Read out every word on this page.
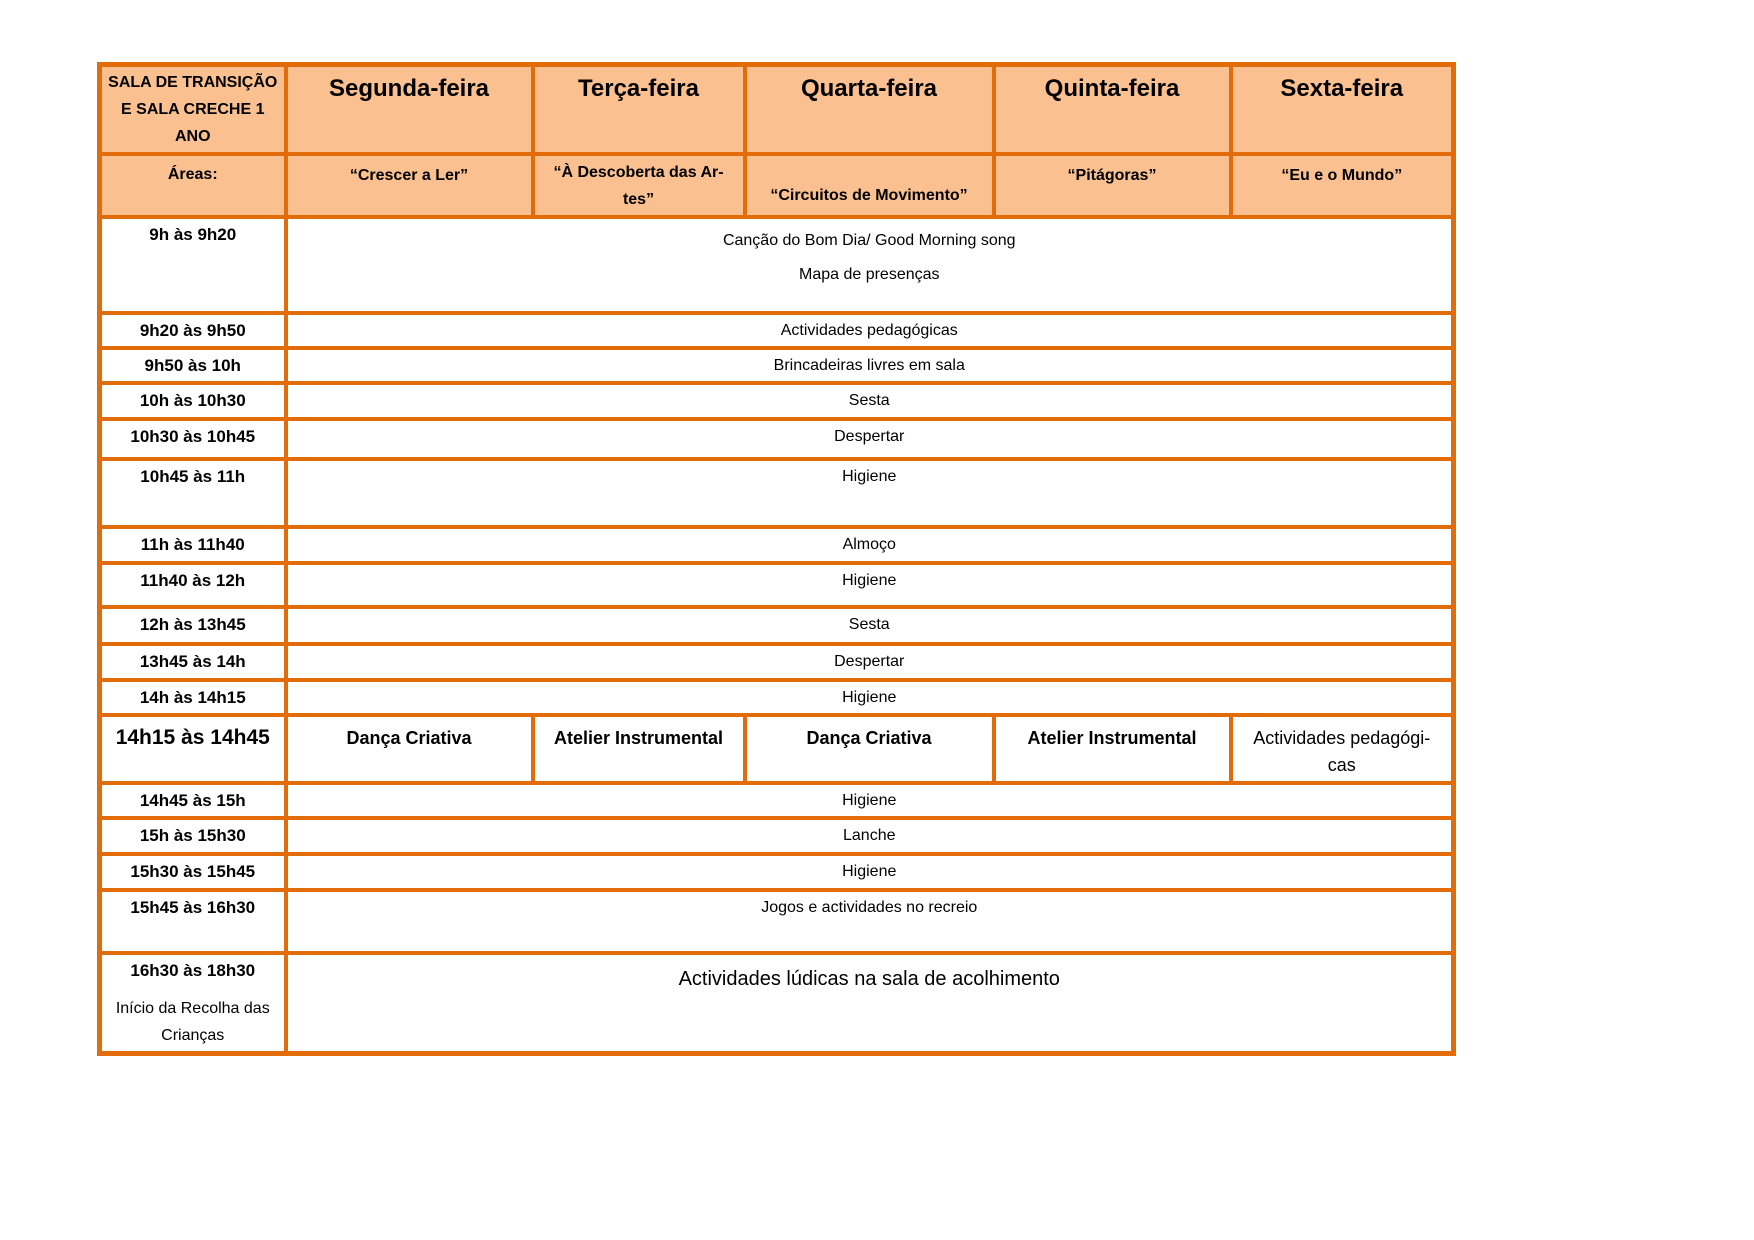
SALA DE TRANSIÇÃO
E SALA CRECHE 1
ANO	Segunda-feira	Terça-feira	Quarta-feira	Quinta-feira	Sexta-feira
Áreas:	“Crescer a Ler”	“À Descoberta das Ar-
tes”	“Circuitos de Movimento”	“Pitágoras”	“Eu e o Mundo”

9h às 9h20	Canção do Bom Dia/ Good Morning song
Mapa de presenças				

9h20 às 9h50	Actividades pedagógicas				
9h50 às 10h	Brincadeiras livres em sala				
10h às 10h30	Sesta				
10h30 às 10h45	Despertar				
10h45 às 11h	Higiene				
11h às 11h40	Almoço				
11h40 às 12h	Higiene				
12h às 13h45	Sesta				
13h45 às 14h	Despertar				
14h às 14h15	Higiene				
14h15 às 14h45	Dança Criativa	Atelier Instrumental	Dança Criativa	Atelier Instrumental	Actividades pedagógi-
cas

14h45 às 15h	Higiene				
15h às 15h30	Lanche				
15h30 às 15h45	Higiene				
15h45 às 16h30	Jogos e actividades no recreio				

16h30 às 18h30
Início da Recolha das Crianças	Actividades lúdicas na sala de acolhimento				
